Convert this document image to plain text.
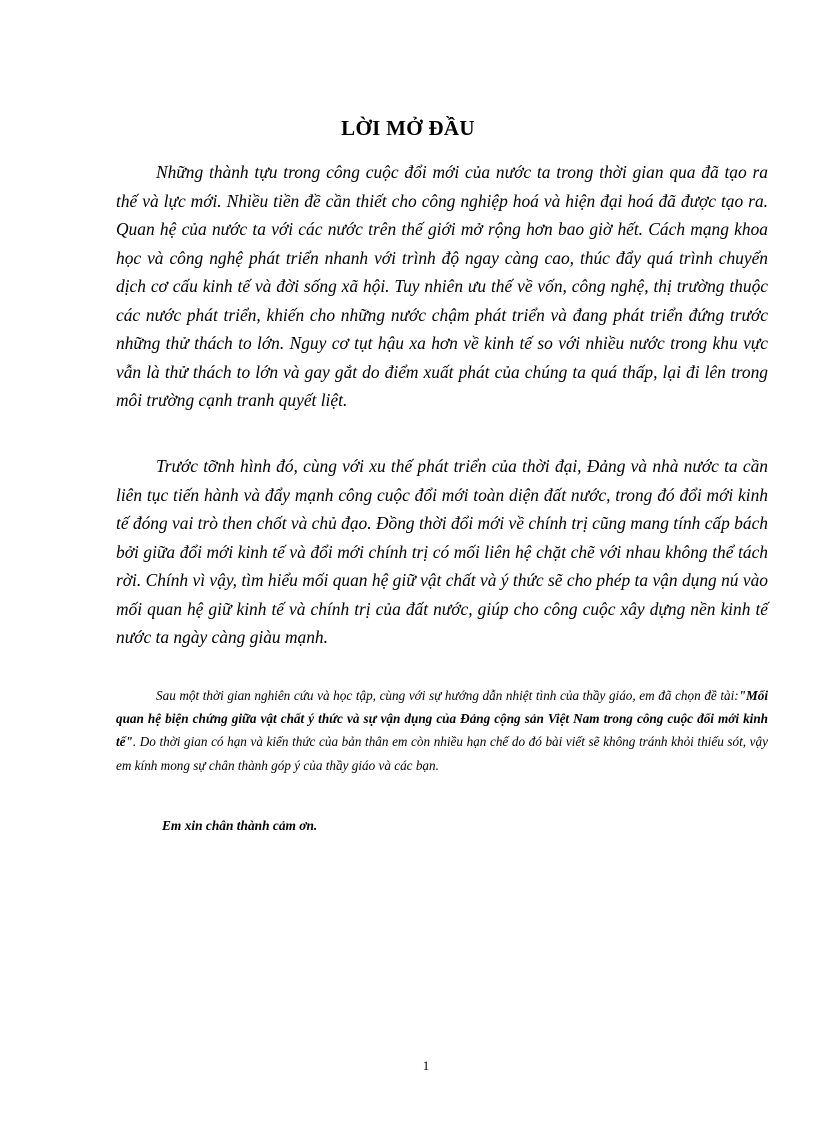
LỜI MỞ ĐẦU

Những thành tựu trong công cuộc đổi mới của nước ta trong thời gian qua đã tạo ra thế và lực mới. Nhiều tiền đề cần thiết cho công nghiệp hoá và hiện đại hoá đã được tạo ra. Quan hệ của nước ta với các nước trên thế giới mở rộng hơn bao giờ hết. Cách mạng khoa học và công nghệ phát triển nhanh với trình độ ngay càng cao, thúc đẩy quá trình chuyển dịch cơ cấu kinh tế và đời sống xã hội. Tuy nhiên ưu thế về vốn, công nghệ, thị trường thuộc các nước phát triển, khiến cho những nước chậm phát triển và đang phát triển đứng trước những thử thách to lớn. Nguy cơ tụt hậu xa hơn về kinh tế so với nhiều nước trong khu vực vẫn là thử thách to lớn và gay gắt do điểm xuất phát của chúng ta quá thấp, lại đi lên trong môi trường cạnh tranh quyết liệt.

Trước tỡnh hình đó, cùng với xu thế phát triển của thời đại, Đảng và nhà nước ta cần liên tục tiến hành và đẩy mạnh công cuộc đổi mới toàn diện đất nước, trong đó đổi mới kinh tế đóng vai trò then chốt và chủ đạo. Đồng thời đổi mới về chính trị cũng mang tính cấp bách bởi giữa đổi mới kinh tế và đổi mới chính trị có mối liên hệ chặt chẽ với nhau không thể tách rời. Chính vì vậy, tìm hiểu mối quan hệ giữ vật chất và ý thức sẽ cho phép ta vận dụng nú vào mối quan hệ giữ kinh tế và chính trị của đất nước, giúp cho công cuộc xây dựng nền kinh tế nước ta ngày càng giàu mạnh.

Sau một thời gian nghiên cứu và học tập, cùng với sự hướng dẫn nhiệt tình của thầy giáo, em đã chọn đề tài:"Mối quan hệ biện chứng giữa vật chất ý thức và sự vận dụng của Đảng cộng sản Việt Nam trong công cuộc đổi mới kinh tế". Do thời gian có hạn và kiến thức của bản thân em còn nhiều hạn chế do đó bài viết sẽ không tránh khỏi thiếu sót, vậy em kính mong sự chân thành góp ý của thầy giáo và các bạn.

Em xin chân thành cảm ơn.

1
